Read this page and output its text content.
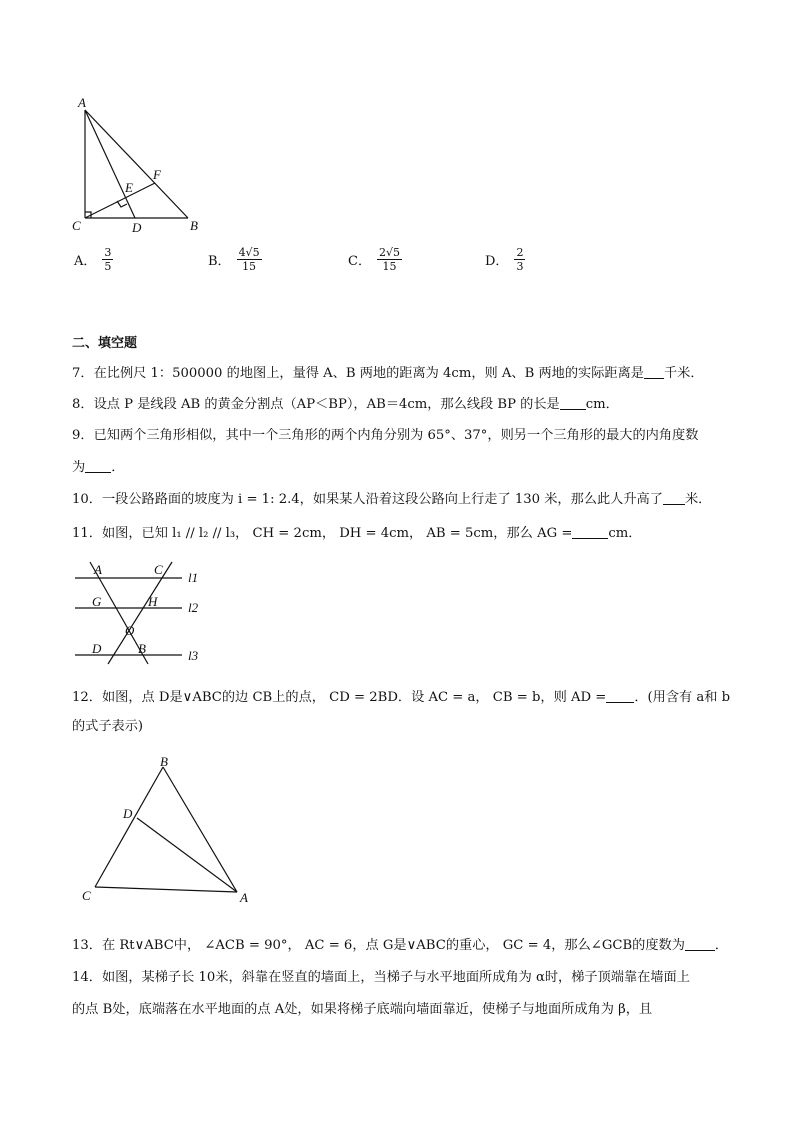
A
C	D	B
E
F
A． $\frac{3}{5}$	B． $\frac{4√5}{15}$	C． $\frac{2√5}{15}$	D． $\frac{2}{3}$
二、填空题
7．在比例尺 1：500000 的地图上，量得 A、B 两地的距离为 4cm，则 A、B 两地的实际距离是 千米．
8．设点 P 是线段 AB 的黄金分割点（AP＜BP），AB＝4cm，那么线段 BP 的长是 cm．
9．已知两个三角形相似，其中一个三角形的两个内角分别为 65°、37°，则另一个三角形的最大的内角度数
为 ．
10．一段公路路面的坡度为 i = 1: 2.4，如果某人沿着这段公路向上行走了 130 米，那么此人升高了 米．
11．如图，已知 l₁ // l₂ // l₃， CH = 2cm， DH = 4cm， AB = 5cm，那么 AG =	cm．
A	C
G	H
O
D	B
l1
l2
l3
12．如图，点 D是∨ABC的边 CB上的点， CD = 2BD．设 AC = a， CB = b，则 AD = ．(用含有 a和 b
的式子表示)
B
D
C	A
13．在 Rt∨ABC中， ∠ACB = 90°， AC = 6，点 G是∨ABC的重心， GC = 4，那么∠GCB的度数为 ．
14．如图，某梯子长 10米，斜靠在竖直的墙面上，当梯子与水平地面所成角为 α时，梯子顶端靠在墙面上
的点 B处，底端落在水平地面的点 A处，如果将梯子底端向墙面靠近，使梯子与地面所成角为 β，且
